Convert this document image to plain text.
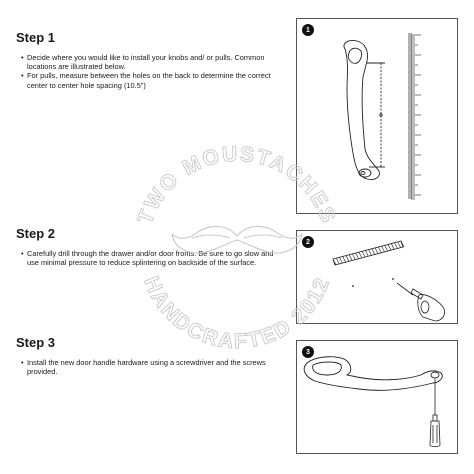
Step 1
• Decide where you would like to install your knobs and/ or pulls. Common locations are illustrated below.
• For pulls, measure between the holes on the back to determine the correct center to center hole spacing (10.5")
Step 2
• Carefully drill through the drawer and/or door fronts. Be sure to go slow and use minimal pressure to reduce splintering on backside of the surface.
Step 3
• Install the new door handle hardware using a screwdriver and the screws provided.
1
2
3
TWO MOUSTACHES
HANDCRAFTED 2012
